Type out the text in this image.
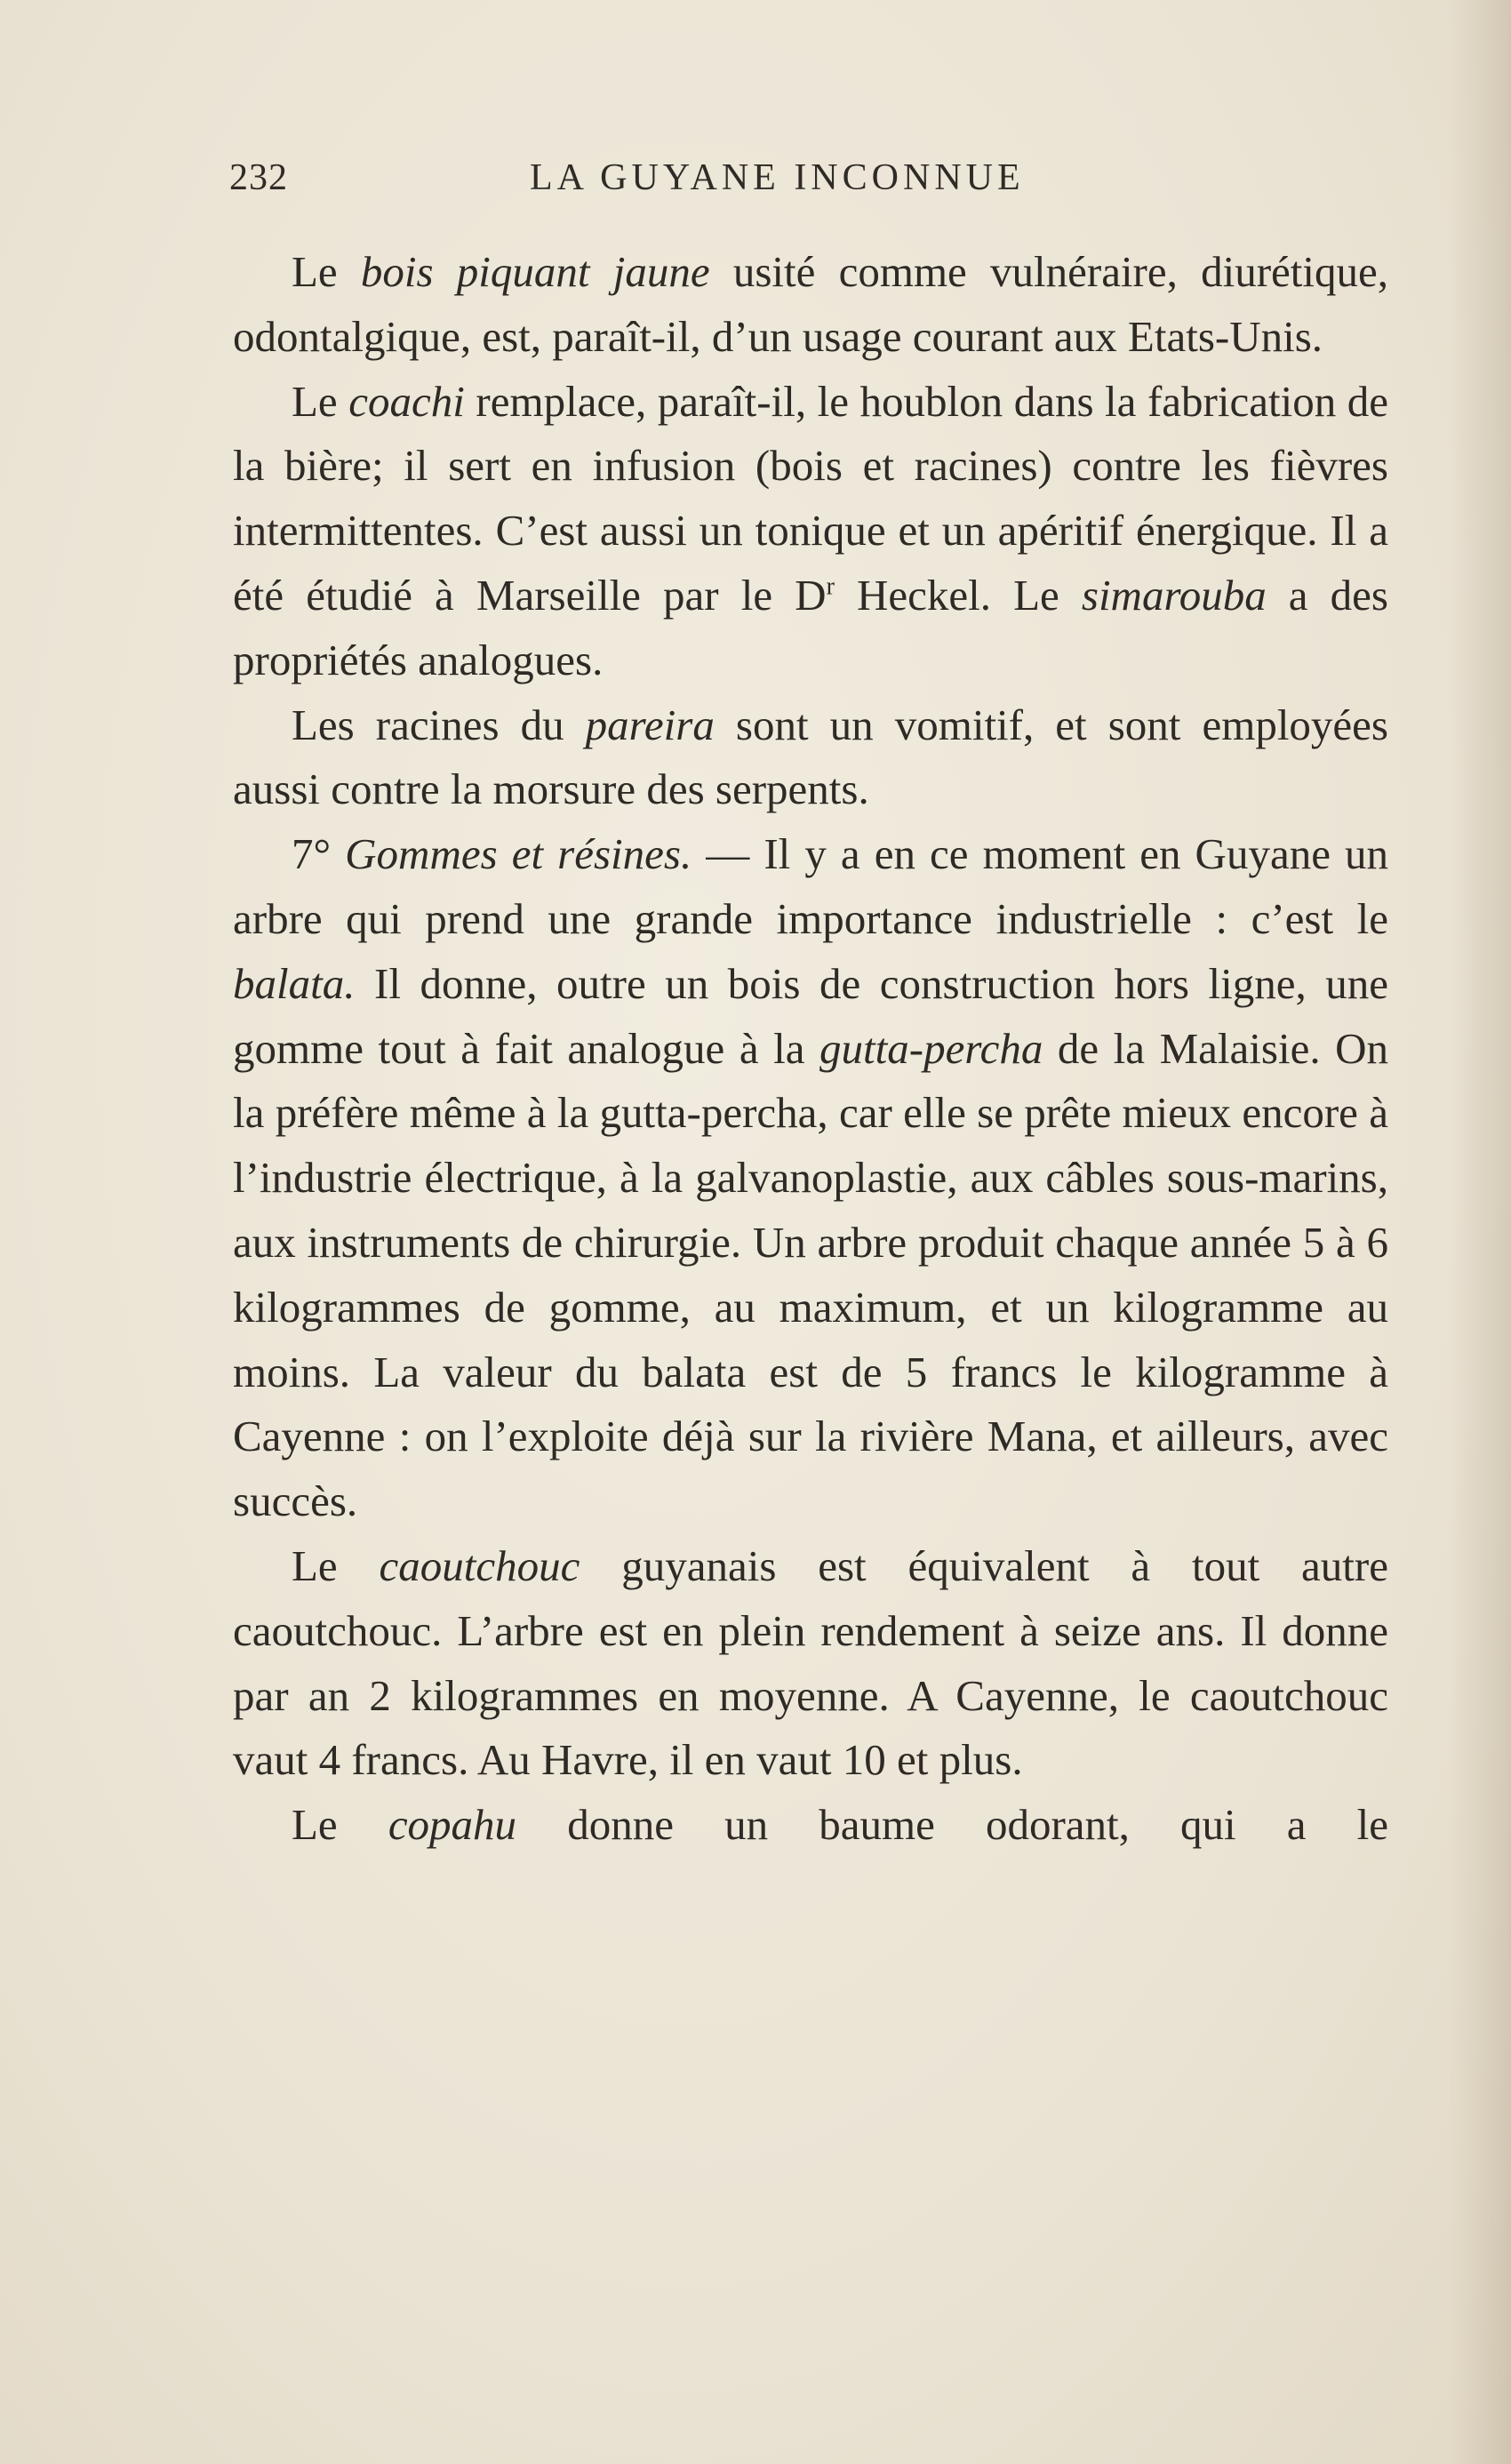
232	LA GUYANE INCONNUE

Le bois piquant jaune usité comme vulnéraire, diurétique, odontalgique, est, paraît-il, d’un usage courant aux Etats-Unis.

Le coachi remplace, paraît-il, le houblon dans la fabrication de la bière; il sert en infusion (bois et racines) contre les fièvres intermittentes. C’est aussi un tonique et un apéritif énergique. Il a été étudié à Marseille par le $D^r$ Heckel. Le simarouba a des propriétés analogues.

Les racines du pareira sont un vomitif, et sont employées aussi contre la morsure des serpents.

7° Gommes et résines. — Il y a en ce moment en Guyane un arbre qui prend une grande importance industrielle : c’est le balata. Il donne, outre un bois de construction hors ligne, une gomme tout à fait analogue à la gutta-percha de la Malaisie. On la préfère même à la gutta-percha, car elle se prête mieux encore à l’industrie électrique, à la galvanoplastie, aux câbles sous-marins, aux instruments de chirurgie. Un arbre produit chaque année 5 à 6 kilogrammes de gomme, au maximum, et un kilogramme au moins. La valeur du balata est de 5 francs le kilogramme à Cayenne : on l’exploite déjà sur la rivière Mana, et ailleurs, avec succès.

Le caoutchouc guyanais est équivalent à tout autre caoutchouc. L’arbre est en plein rendement à seize ans. Il donne par an 2 kilogrammes en moyenne. A Cayenne, le caoutchouc vaut 4 francs. Au Havre, il en vaut 10 et plus.

Le copahu donne un baume odorant, qui a le
